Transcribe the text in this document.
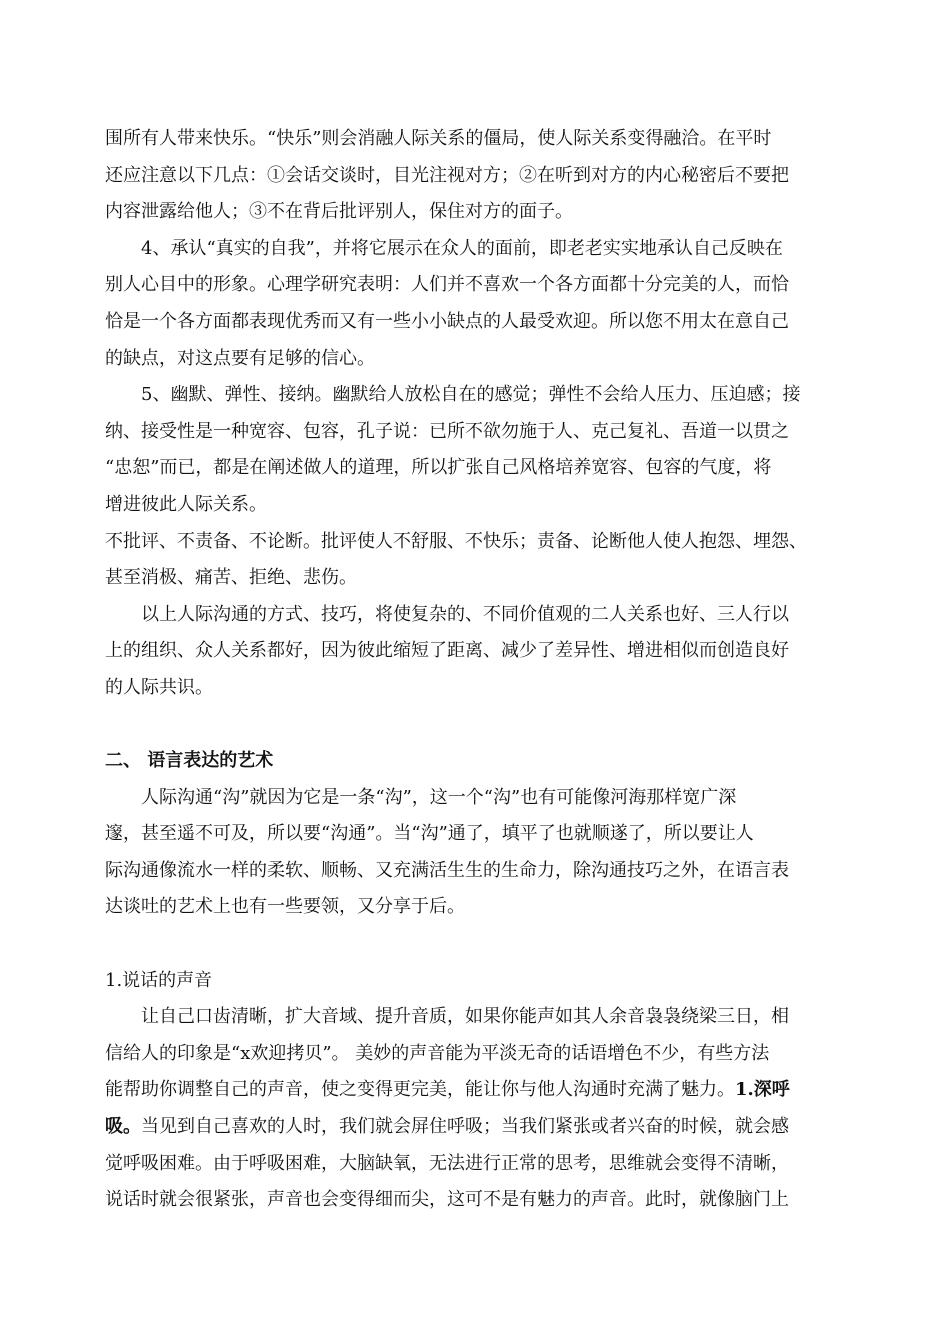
围所有人带来快乐。“快乐”则会消融人际关系的僵局，使人际关系变得融洽。在平时
还应注意以下几点：①会话交谈时，目光注视对方；②在听到对方的内心秘密后不要把
内容泄露给他人；③不在背后批评别人，保住对方的面子。
4、承认“真实的自我”，并将它展示在众人的面前，即老老实实地承认自己反映在
别人心目中的形象。心理学研究表明：人们并不喜欢一个各方面都十分完美的人，而恰
恰是一个各方面都表现优秀而又有一些小小缺点的人最受欢迎。所以您不用太在意自己
的缺点，对这点要有足够的信心。
5、幽默、弹性、接纳。幽默给人放松自在的感觉；弹性不会给人压力、压迫感；接
纳、接受性是一种宽容、包容，孔子说：已所不欲勿施于人、克己复礼、吾道一以贯之
“忠恕”而已，都是在阐述做人的道理，所以扩张自己风格培养宽容、包容的气度，将
增进彼此人际关系。
不批评、不责备、不论断。批评使人不舒服、不快乐；责备、论断他人使人抱怨、埋怨、
甚至消极、痛苦、拒绝、悲伤。
以上人际沟通的方式、技巧，将使复杂的、不同价值观的二人关系也好、三人行以
上的组织、众人关系都好，因为彼此缩短了距离、减少了差异性、增进相似而创造良好
的人际共识。
二、 语言表达的艺术
人际沟通“沟”就因为它是一条“沟”，这一个“沟”也有可能像河海那样宽广深
邃，甚至遥不可及，所以要“沟通”。当“沟”通了，填平了也就顺遂了，所以要让人
际沟通像流水一样的柔软、顺畅、又充满活生生的生命力，除沟通技巧之外，在语言表
达谈吐的艺术上也有一些要领，又分享于后。
1.说话的声音
让自己口齿清晰，扩大音域、提升音质，如果你能声如其人余音袅袅绕梁三日，相
信给人的印象是“x欢迎拷贝”。 美妙的声音能为平淡无奇的话语增色不少，有些方法
能帮助你调整自己的声音，使之变得更完美，能让你与他人沟通时充满了魅力。1.深呼
吸。当见到自己喜欢的人时，我们就会屏住呼吸；当我们紧张或者兴奋的时候，就会感
觉呼吸困难。由于呼吸困难，大脑缺氧，无法进行正常的思考，思维就会变得不清晰，
说话时就会很紧张，声音也会变得细而尖，这可不是有魅力的声音。此时，就像脑门上
